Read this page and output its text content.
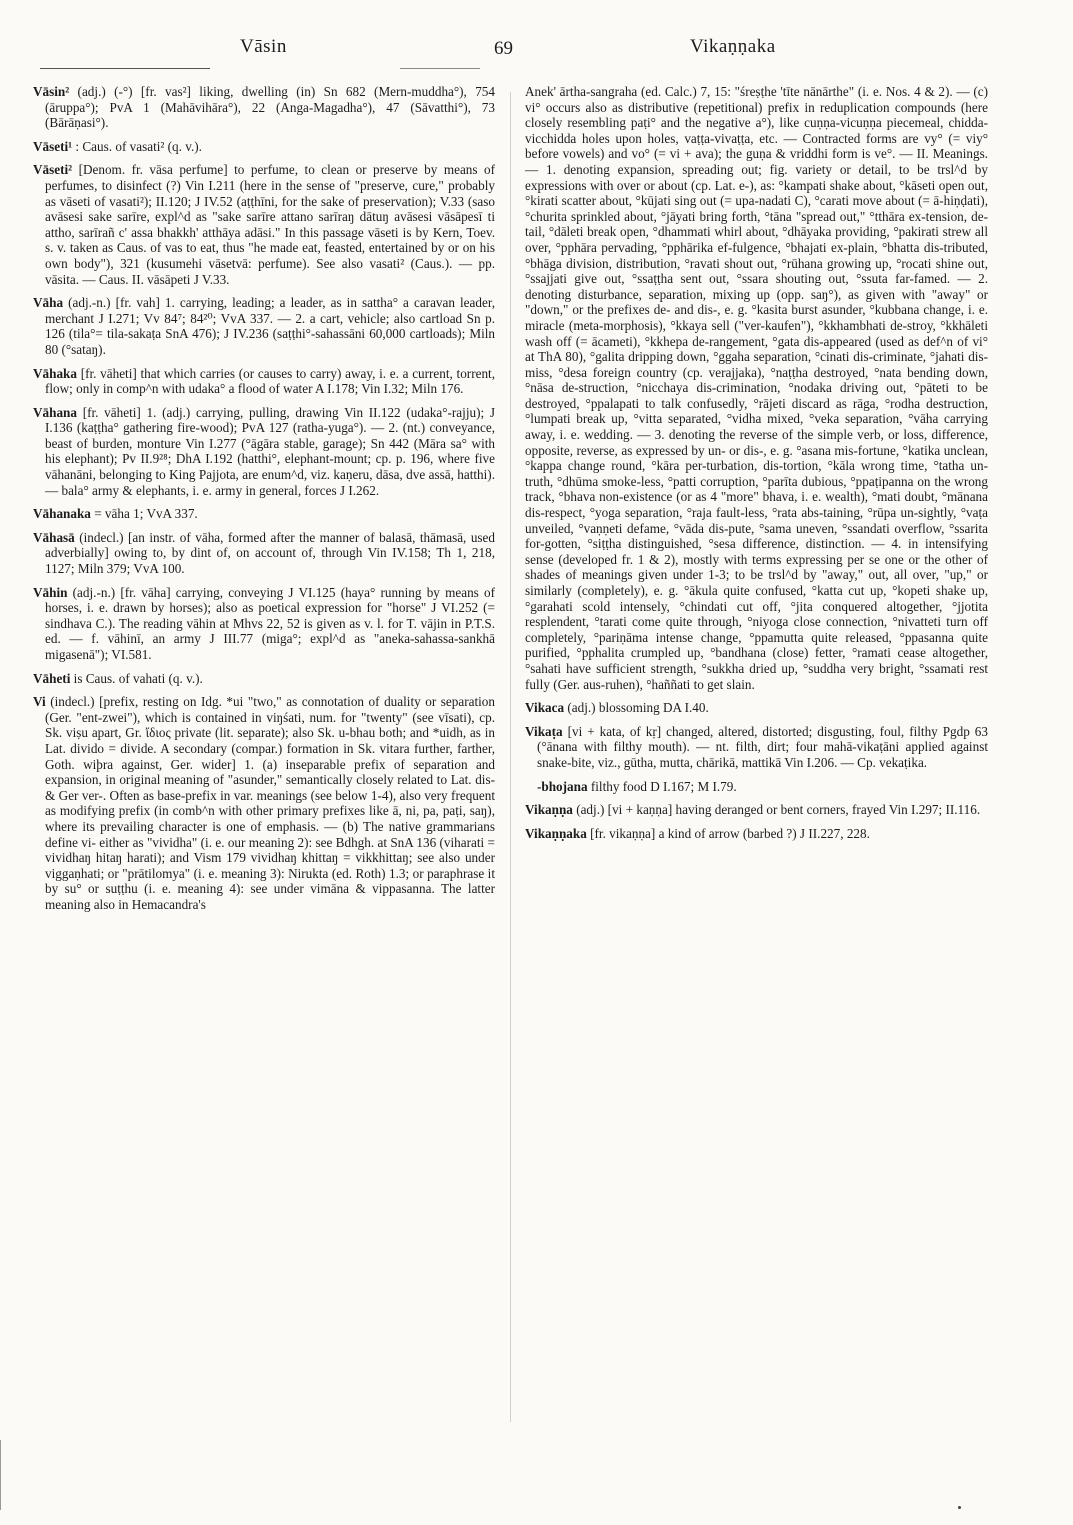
Vāsin	69	Vikaṇṇaka

Vāsin² (adj.) (-°) [fr. vas²] liking, dwelling (in) Sn 682 (Mern-muddha°), 754 (āruppa°); PvA 1 (Mahāvihāra°), 22 (Anga-Magadha°), 47 (Sāvatthi°), 73 (Bārāṇasi°).

Vāseti¹ : Caus. of vasati² (q. v.).

Vāseti² [Denom. fr. vāsa perfume] to perfume, to clean or preserve by means of perfumes, to disinfect (?) Vin I.211 (here in the sense of "preserve, cure," probably as vāseti of vasati²); II.120; J IV.52 (aṭṭhīni, for the sake of preservation); V.33 (saso avāsesi sake sarīre, expl^d as "sake sarīre attano sarīraŋ dātuŋ avāsesi vāsāpesī ti attho, sarīrañ c' assa bhakkh' atthāya adāsi." In this passage vāseti is by Kern, Toev. s. v. taken as Caus. of vas to eat, thus "he made eat, feasted, entertained by or on his own body"), 321 (kusumehi vāsetvā: perfume). See also vasati² (Caus.). — pp. vāsita. — Caus. II. vāsāpeti J V.33.

Vāha (adj.-n.) [fr. vah] 1. carrying, leading; a leader, as in sattha° a caravan leader, merchant J I.271; Vv 84⁷; 84²⁰; VvA 337. — 2. a cart, vehicle; also cartload Sn p. 126 (tila°= tila-sakaṭa SnA 476); J IV.236 (saṭṭhi°-sahassāni 60,000 cartloads); Miln 80 (°sataŋ).

Vāhaka [fr. vāheti] that which carries (or causes to carry) away, i. e. a current, torrent, flow; only in comp^n with udaka° a flood of water A I.178; Vin I.32; Miln 176.

Vāhana [fr. vāheti] 1. (adj.) carrying, pulling, drawing Vin II.122 (udaka°-rajju); J I.136 (kaṭṭha° gathering fire-wood); PvA 127 (ratha-yuga°). — 2. (nt.) conveyance, beast of burden, monture Vin I.277 (°āgāra stable, garage); Sn 442 (Māra sa° with his elephant); Pv II.9²⁸; DhA I.192 (hatthi°, elephant-mount; cp. p. 196, where five vāhanāni, belonging to King Pajjota, are enum^d, viz. kaṇeru, dāsa, dve assā, hatthi). — bala° army & elephants, i. e. army in general, forces J I.262.

Vāhanaka = vāha 1; VvA 337.

Vāhasā (indecl.) [an instr. of vāha, formed after the manner of balasā, thāmasā, used adverbially] owing to, by dint of, on account of, through Vin IV.158; Th 1, 218, 1127; Miln 379; VvA 100.

Vāhin (adj.-n.) [fr. vāha] carrying, conveying J VI.125 (haya° running by means of horses, i. e. drawn by horses); also as poetical expression for "horse" J VI.252 (= sindhava C.). The reading vāhin at Mhvs 22, 52 is given as v. l. for T. vājin in P.T.S. ed. — f. vāhinī, an army J III.77 (miga°; expl^d as "aneka-sahassa-sankhā migasenā"); VI.581.

Vāheti is Caus. of vahati (q. v.).

Vi (indecl.) [prefix, resting on Idg. *ui "two," as connotation of duality or separation (Ger. "ent-zwei"), which is contained in viŋśati, num. for "twenty" (see vīsati), cp. Sk. viṣu apart, Gr. ἴδιος private (lit. separate); also Sk. u-bhau both; and *uidh, as in Lat. divido = divide. A secondary (compar.) formation in Sk. vitara further, farther, Goth. wiþra against, Ger. wider] 1. (a) inseparable prefix of separation and expansion, in original meaning of "asunder," semantically closely related to Lat. dis- & Ger ver-. Often as base-prefix in var. meanings (see below 1-4), also very frequent as modifying prefix (in comb^n with other primary prefixes like ā, ni, pa, paṭi, saŋ), where its prevailing character is one of emphasis. — (b) The native grammarians define vi- either as "vividha" (i. e. our meaning 2): see Bdhgh. at SnA 136 (viharati = vividhaŋ hitaŋ harati); and Vism 179 vividhaŋ khittaŋ = vikkhittaŋ; see also under viggaṇhati; or "prātilomya" (i. e. meaning 3): Nirukta (ed. Roth) 1.3; or paraphrase it by su° or suṭṭhu (i. e. meaning 4): see under vimāna & vippasanna. The latter meaning also in Hemacandra's

Anek' ārtha-sangraha (ed. Calc.) 7, 15: "śreṣṭhe 'tīte nānārthe" (i. e. Nos. 4 & 2). — (c) vi° occurs also as distributive (repetitional) prefix in reduplication compounds (here closely resembling paṭi° and the negative a°), like cuṇṇa-vicuṇṇa piecemeal, chidda-vicchidda holes upon holes, vaṭṭa-vivaṭṭa, etc. — Contracted forms are vy° (= viy° before vowels) and vo° (= vi + ava); the guṇa & vriddhi form is ve°. — II. Meanings. — 1. denoting expansion, spreading out; fig. variety or detail, to be trsl^d by expressions with over or about (cp. Lat. e-), as: °kampati shake about, °kāseti open out, °kirati scatter about, °kūjati sing out (= upa-nadati C), °carati move about (= ā-hiṇḍati), °churita sprinkled about, °jāyati bring forth, °tāna "spread out," °tthāra ex-tension, de-tail, °dāleti break open, °dhammati whirl about, °dhāyaka providing, °pakirati strew all over, °pphāra pervading, °pphārika ef-fulgence, °bhajati ex-plain, °bhatta dis-tributed, °bhāga division, distribution, °ravati shout out, °rūhana growing up, °rocati shine out, °ssajjati give out, °ssaṭṭha sent out, °ssara shouting out, °ssuta far-famed. — 2. denoting disturbance, separation, mixing up (opp. saŋ°), as given with "away" or "down," or the prefixes de- and dis-, e. g. °kasita burst asunder, °kubbana change, i. e. miracle (meta-morphosis), °kkaya sell ("ver-kaufen"), °kkhambhati de-stroy, °kkhāleti wash off (= ācameti), °kkhepa de-rangement, °gata dis-appeared (used as def^n of vi° at ThA 80), °galita dripping down, °ggaha separation, °cinati dis-criminate, °jahati dis-miss, °desa foreign country (cp. verajjaka), °naṭṭha destroyed, °nata bending down, °nāsa de-struction, °nicchaya dis-crimination, °nodaka driving out, °pāteti to be destroyed, °ppalapati to talk confusedly, °rājeti discard as rāga, °rodha destruction, °lumpati break up, °vitta separated, °vidha mixed, °veka separation, °vāha carrying away, i. e. wedding. — 3. denoting the reverse of the simple verb, or loss, difference, opposite, reverse, as expressed by un- or dis-, e. g. °asana mis-fortune, °katika unclean, °kappa change round, °kāra per-turbation, dis-tortion, °kāla wrong time, °tatha un-truth, °dhūma smoke-less, °patti corruption, °parīta dubious, °ppaṭipanna on the wrong track, °bhava non-existence (or as 4 "more" bhava, i. e. wealth), °mati doubt, °mānana dis-respect, °yoga separation, °raja fault-less, °rata abs-taining, °rūpa un-sightly, °vaṭa unveiled, °vaṇṇeti defame, °vāda dis-pute, °sama uneven, °ssandati overflow, °ssarita for-gotten, °siṭṭha distinguished, °sesa difference, distinction. — 4. in intensifying sense (developed fr. 1 & 2), mostly with terms expressing per se one or the other of shades of meanings given under 1-3; to be trsl^d by "away," out, all over, "up," or similarly (completely), e. g. °ākula quite confused, °katta cut up, °kopeti shake up, °garahati scold intensely, °chindati cut off, °jita conquered altogether, °jjotita resplendent, °tarati come quite through, °niyoga close connection, °nivatteti turn off completely, °pariṇāma intense change, °ppamutta quite released, °ppasanna quite purified, °pphalita crumpled up, °bandhana (close) fetter, °ramati cease altogether, °sahati have sufficient strength, °sukkha dried up, °suddha very bright, °ssamati rest fully (Ger. aus-ruhen), °haññati to get slain.

Vikaca (adj.) blossoming DA I.40.

Vikaṭa [vi + kata, of kṛ] changed, altered, distorted; disgusting, foul, filthy Pgdp 63 (°ānana with filthy mouth). — nt. filth, dirt; four mahā-vikaṭāni applied against snake-bite, viz., gūtha, mutta, chārikā, mattikā Vin I.206. — Cp. vekaṭika.

-bhojana filthy food D I.167; M I.79.

Vikaṇṇa (adj.) [vi + kaṇṇa] having deranged or bent corners, frayed Vin I.297; II.116.

Vikaṇṇaka [fr. vikaṇṇa] a kind of arrow (barbed ?) J II.227, 228.
